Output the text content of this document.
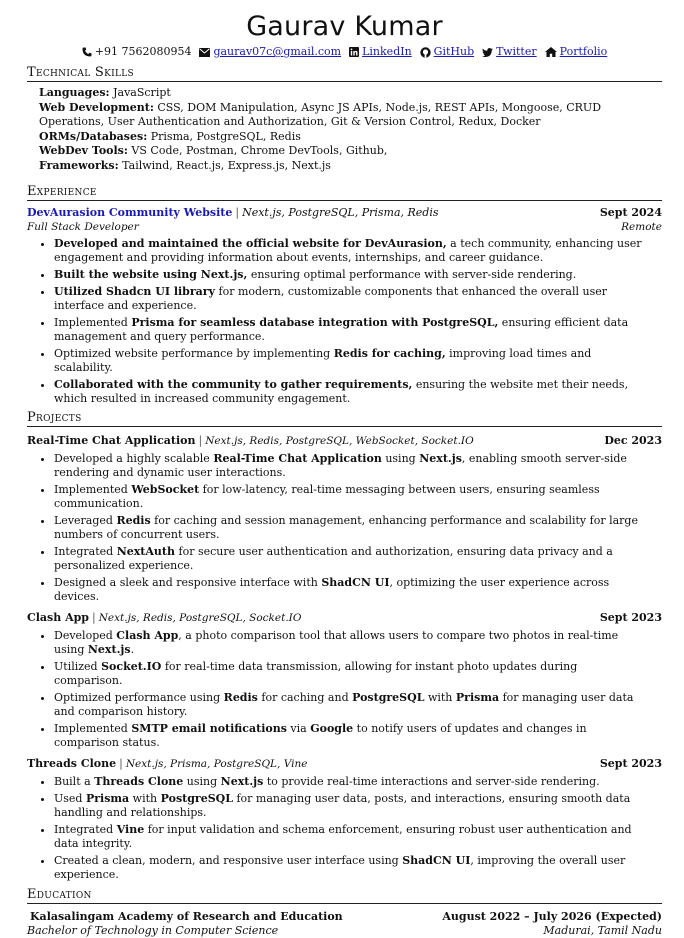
Gaurav Kumar
+91 7562080954 gaurav07c@gmail.com LinkedIn GitHub Twitter Portfolio
Technical Skills
Languages: JavaScript
Web Development: CSS, DOM Manipulation, Async JS APIs, Node.js, REST APIs, Mongoose, CRUD Operations, User Authentication and Authorization, Git & Version Control, Redux, Docker
ORMs/Databases: Prisma, PostgreSQL, Redis
WebDev Tools: VS Code, Postman, Chrome DevTools, Github,
Frameworks: Tailwind, React.js, Express.js, Next.js
Experience
DevAurasion Community Website | Next.js, PostgreSQL, Prisma, Redis	Sept 2024
Full Stack Developer	Remote
• Developed and maintained the official website for DevAurasion, a tech community, enhancing user engagement and providing information about events, internships, and career guidance.
• Built the website using Next.js, ensuring optimal performance with server-side rendering.
• Utilized Shadcn UI library for modern, customizable components that enhanced the overall user interface and experience.
• Implemented Prisma for seamless database integration with PostgreSQL, ensuring efficient data management and query performance.
• Optimized website performance by implementing Redis for caching, improving load times and scalability.
• Collaborated with the community to gather requirements, ensuring the website met their needs, which resulted in increased community engagement.
Projects
Real-Time Chat Application | Next.js, Redis, PostgreSQL, WebSocket, Socket.IO	Dec 2023
• Developed a highly scalable Real-Time Chat Application using Next.js, enabling smooth server-side rendering and dynamic user interactions.
• Implemented WebSocket for low-latency, real-time messaging between users, ensuring seamless communication.
• Leveraged Redis for caching and session management, enhancing performance and scalability for large numbers of concurrent users.
• Integrated NextAuth for secure user authentication and authorization, ensuring data privacy and a personalized experience.
• Designed a sleek and responsive interface with ShadCN UI, optimizing the user experience across devices.
Clash App | Next.js, Redis, PostgreSQL, Socket.IO	Sept 2023
• Developed Clash App, a photo comparison tool that allows users to compare two photos in real-time using Next.js.
• Utilized Socket.IO for real-time data transmission, allowing for instant photo updates during comparison.
• Optimized performance using Redis for caching and PostgreSQL with Prisma for managing user data and comparison history.
• Implemented SMTP email notifications via Google to notify users of updates and changes in comparison status.
Threads Clone | Next.js, Prisma, PostgreSQL, Vine	Sept 2023
• Built a Threads Clone using Next.js to provide real-time interactions and server-side rendering.
• Used Prisma with PostgreSQL for managing user data, posts, and interactions, ensuring smooth data handling and relationships.
• Integrated Vine for input validation and schema enforcement, ensuring robust user authentication and data integrity.
• Created a clean, modern, and responsive user interface using ShadCN UI, improving the overall user experience.
Education
Kalasalingam Academy of Research and Education	August 2022 – July 2026 (Expected)
Bachelor of Technology in Computer Science	Madurai, Tamil Nadu
